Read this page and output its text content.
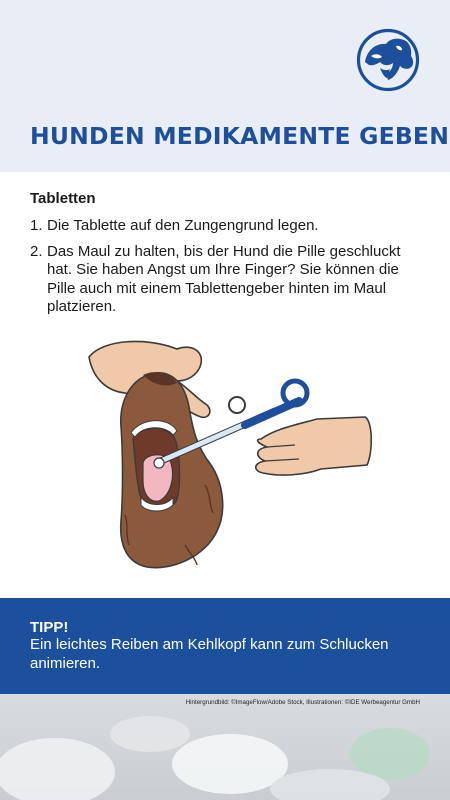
HUNDEN MEDIKAMENTE GEBEN
Tabletten
1. Die Tablette auf den Zungengrund legen.
2. Das Maul zu halten, bis der Hund die Pille geschluckt hat. Sie haben Angst um Ihre Finger? Sie können die Pille auch mit einem Tablettengeber hinten im Maul platzieren.
TIPP!
Ein leichtes Reiben am Kehlkopf kann zum Schlucken animieren.
Hintergrundbild: ©ImageFlow/Adobe Stock, Illustrationen: ©IDE Werbeagentur GmbH
